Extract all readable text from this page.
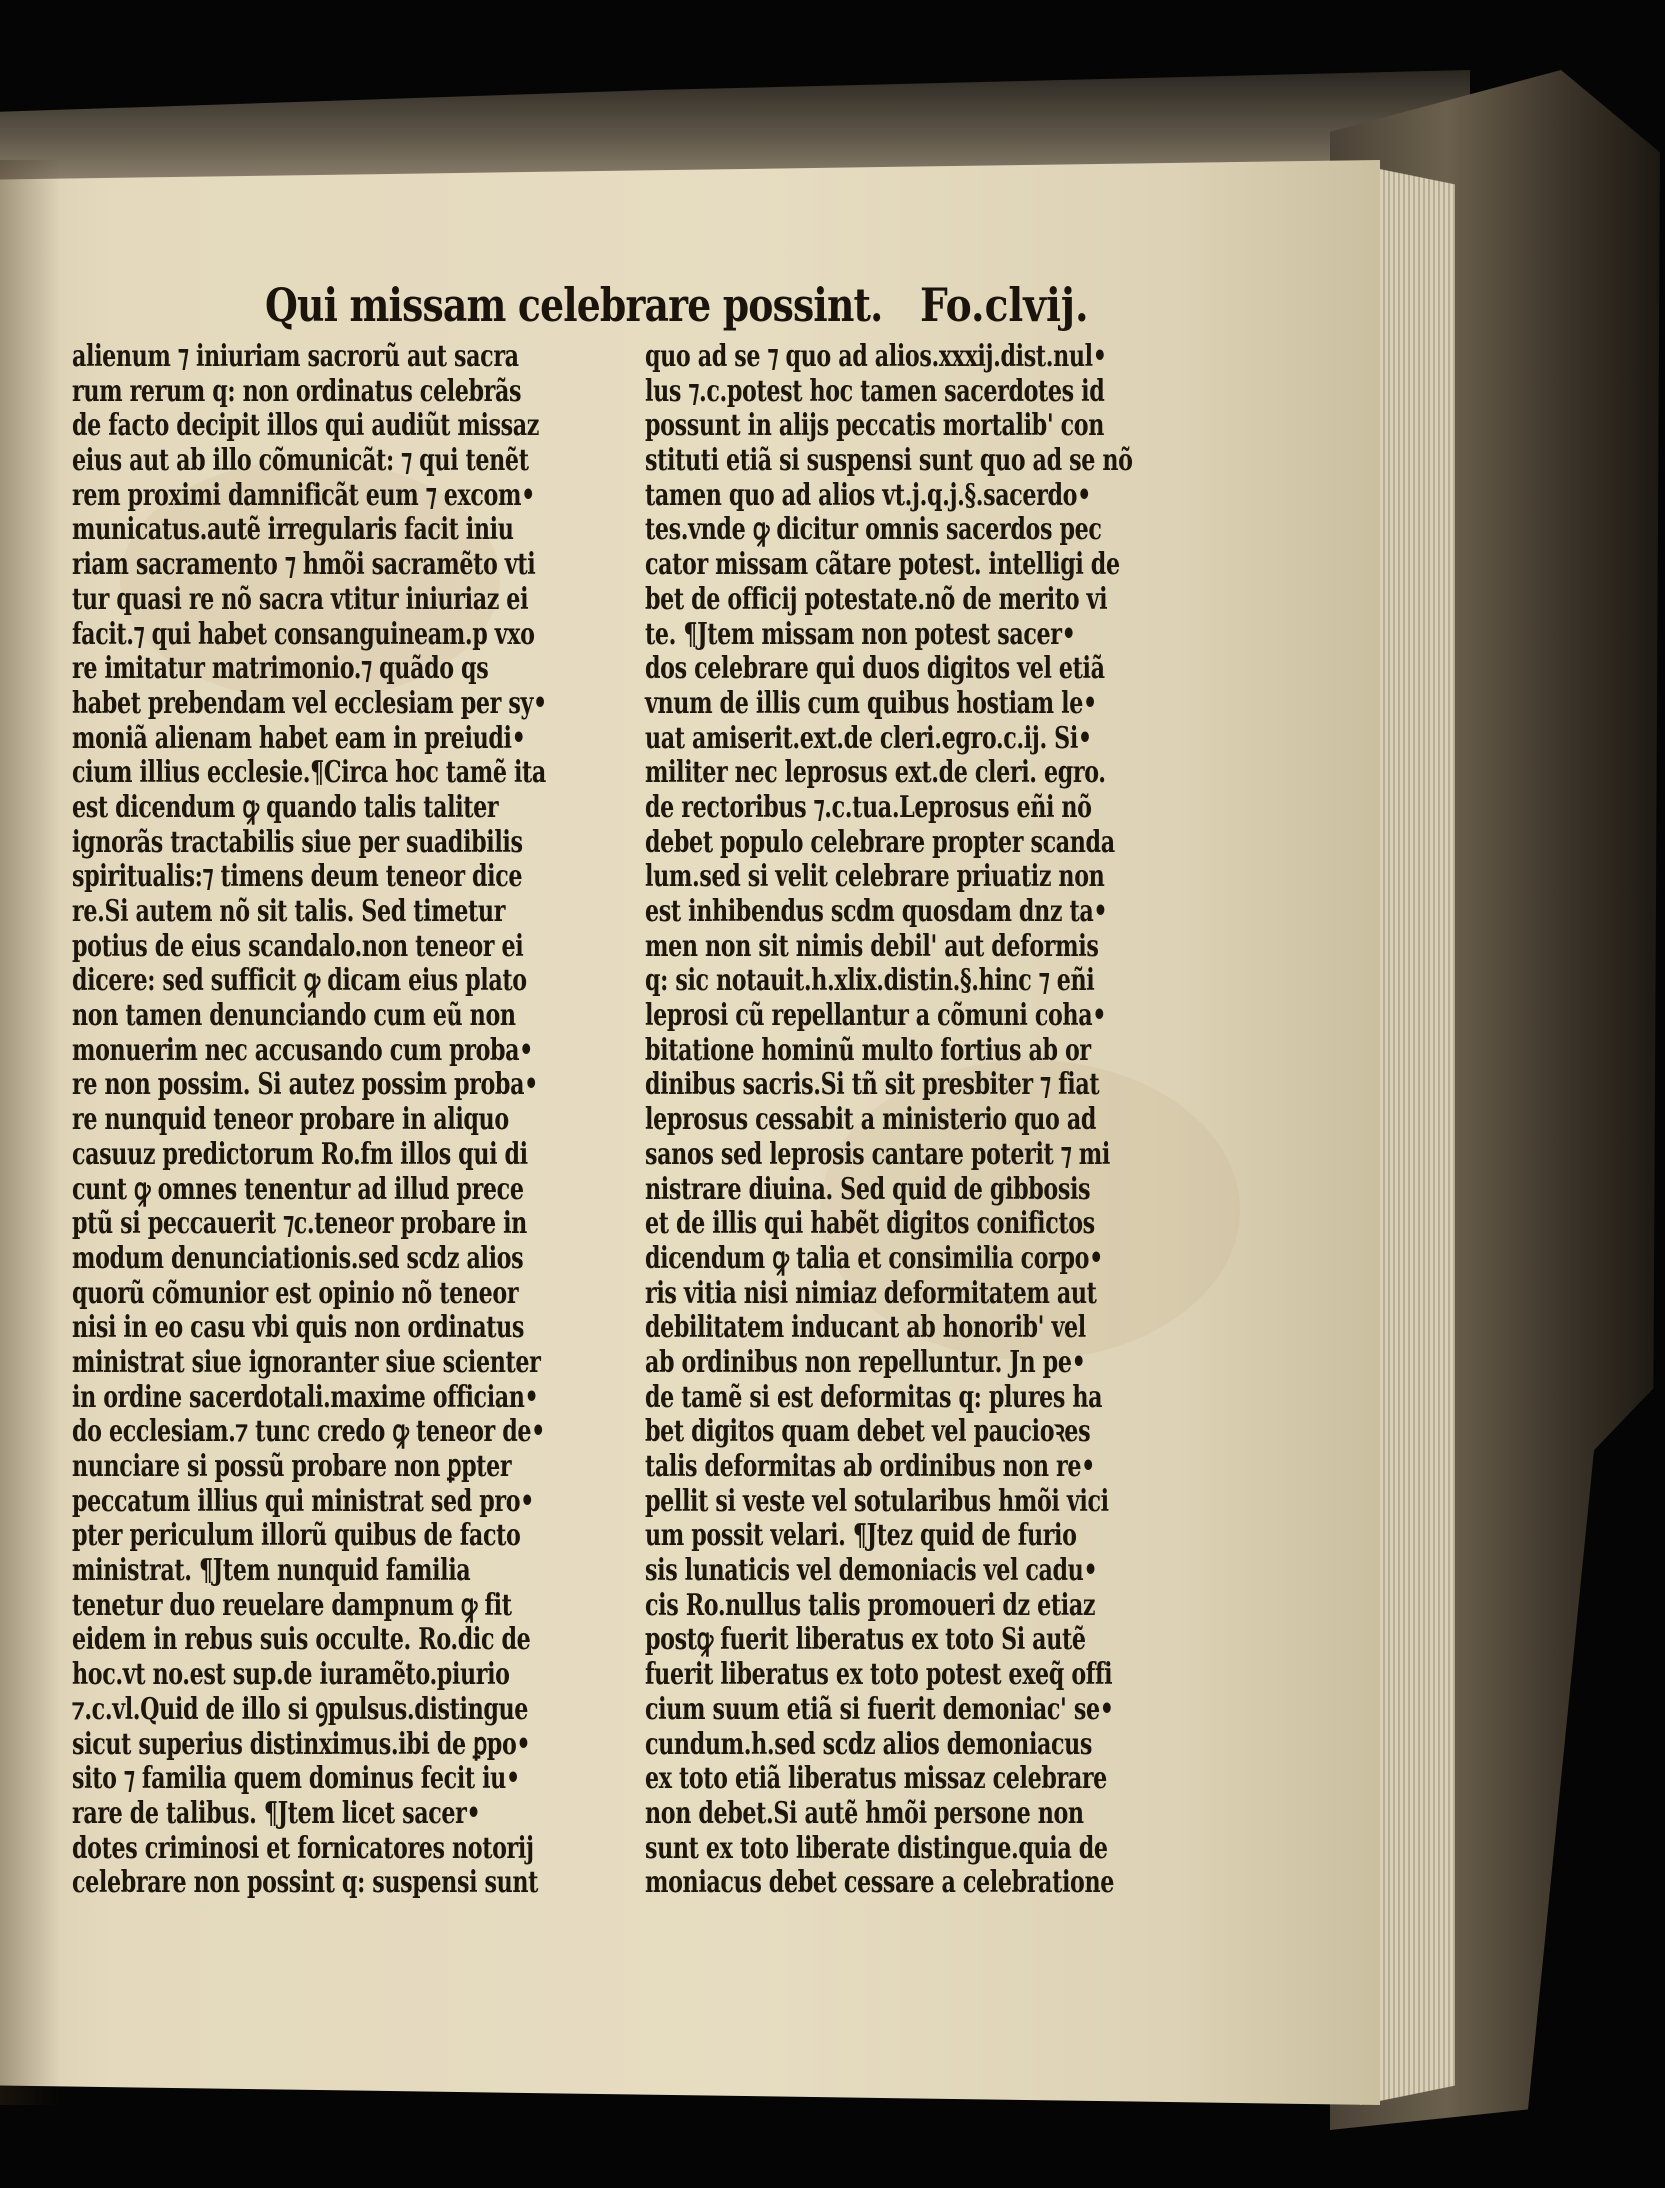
Qui missam celebrare possint. Fo.clvij.
alienum ⁊ iniuriam sacrorũ aut sacra
rum rerum q: non ordinatus celebrãs
de facto decipit illos qui audiũt missaz
eius aut ab illo cõmunicãt: ⁊ qui tenẽt
rem proximi damnificãt eum ⁊ excom•
municatus.autẽ irregularis facit iniu
riam sacramento ⁊ hmõi sacramẽto vti
tur quasi re nõ sacra vtitur iniuriaz ei
facit.⁊ qui habet consanguineam.p vxo
re imitatur matrimonio.⁊ quãdo qs
habet prebendam vel ecclesiam per sy•
moniã alienam habet eam in preiudi•
cium illius ecclesie.¶Circa hoc tamẽ ita
est dicendum ꝙ quando talis taliter
ignorãs tractabilis siue per suadibilis
spiritualis:⁊ timens deum teneor dice
re.Si autem nõ sit talis. Sed timetur
potius de eius scandalo.non teneor ei
dicere: sed sufficit ꝙ dicam eius plato
non tamen denunciando cum eũ non
monuerim nec accusando cum proba•
re non possim. Si autez possim proba•
re nunquid teneor probare in aliquo
casuuz predictorum Ro.fm illos qui di
cunt ꝙ omnes tenentur ad illud prece
ptũ si peccauerit ⁊c.teneor probare in
modum denunciationis.sed scdz alios
quorũ cõmunior est opinio nõ teneor
nisi in eo casu vbi quis non ordinatus
ministrat siue ignoranter siue scienter
in ordine sacerdotali.maxime offician•
do ecclesiam.⁊ tunc credo ꝙ teneor de•
nunciare si possũ probare non ꝑpter
peccatum illius qui ministrat sed pro•
pter periculum illorũ quibus de facto
ministrat. ¶Jtem nunquid familia
tenetur duo reuelare dampnum ꝙ fit
eidem in rebus suis occulte. Ro.dic de
hoc.vt no.est sup.de iuramẽto.piurio
⁊.c.vl.Quid de illo si ꝯpulsus.distingue
sicut superius distinximus.ibi de ꝑpo•
sito ⁊ familia quem dominus fecit iu•
rare de talibus. ¶Jtem licet sacer•
dotes criminosi et fornicatores notorij
celebrare non possint q: suspensi sunt
quo ad se ⁊ quo ad alios.xxxij.dist.nul•
lus ⁊.c.potest hoc tamen sacerdotes id
possunt in alijs peccatis mortalib' con
stituti etiã si suspensi sunt quo ad se nõ
tamen quo ad alios vt.j.q.j.§.sacerdo•
tes.vnde ꝙ dicitur omnis sacerdos pec
cator missam cãtare potest. intelligi de
bet de officij potestate.nõ de merito vi
te. ¶Jtem missam non potest sacer•
dos celebrare qui duos digitos vel etiã
vnum de illis cum quibus hostiam le•
uat amiserit.ext.de cleri.egro.c.ij. Si•
militer nec leprosus ext.de cleri. egro.
de rectoribus ⁊.c.tua.Leprosus eñi nõ
debet populo celebrare propter scanda
lum.sed si velit celebrare priuatiz non
est inhibendus scdm quosdam dnz ta•
men non sit nimis debil' aut deformis
q: sic notauit.h.xlix.distin.§.hinc ⁊ eñi
leprosi cũ repellantur a cõmuni coha•
bitatione hominũ multo fortius ab or
dinibus sacris.Si tñ sit presbiter ⁊ fiat
leprosus cessabit a ministerio quo ad
sanos sed leprosis cantare poterit ⁊ mi
nistrare diuina. Sed quid de gibbosis
et de illis qui habẽt digitos conifictos
dicendum ꝙ talia et consimilia corpo•
ris vitia nisi nimiaz deformitatem aut
debilitatem inducant ab honorib' vel
ab ordinibus non repelluntur. Jn pe•
de tamẽ si est deformitas q: plures ha
bet digitos quam debet vel paucioꝛes
talis deformitas ab ordinibus non re•
pellit si veste vel sotularibus hmõi vici
um possit velari. ¶Jtez quid de furio
sis lunaticis vel demoniacis vel cadu•
cis Ro.nullus talis promoueri dz etiaz
postꝙ fuerit liberatus ex toto Si autẽ
fuerit liberatus ex toto potest exeq̃ offi
cium suum etiã si fuerit demoniac' se•
cundum.h.sed scdz alios demoniacus
ex toto etiã liberatus missaz celebrare
non debet.Si autẽ hmõi persone non
sunt ex toto liberate distingue.quia de
moniacus debet cessare a celebratione
